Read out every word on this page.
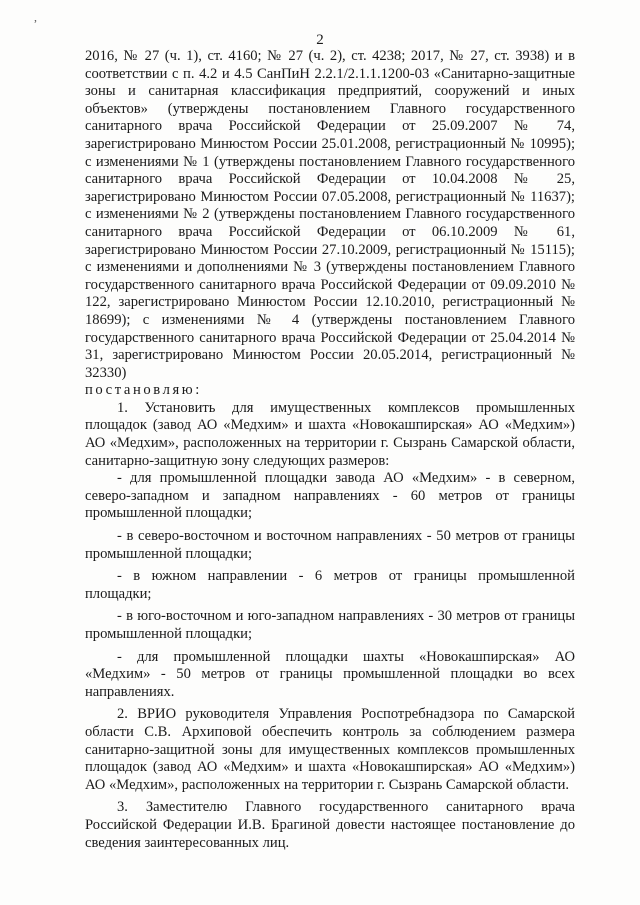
,
2

2016, № 27 (ч. 1), ст. 4160; № 27 (ч. 2), ст. 4238; 2017, № 27, ст. 3938) и в соответствии с п. 4.2 и 4.5 СанПиН 2.2.1/2.1.1.1200-03 «Санитарно-защитные зоны и санитарная классификация предприятий, сооружений и иных объектов» (утверждены постановлением Главного государственного санитарного врача Российской Федерации от 25.09.2007 № 74, зарегистрировано Минюстом России 25.01.2008, регистрационный № 10995); с изменениями № 1 (утверждены постановлением Главного государственного санитарного врача Российской Федерации от 10.04.2008 № 25, зарегистрировано Минюстом России 07.05.2008, регистрационный № 11637); с изменениями № 2 (утверждены постановлением Главного государственного санитарного врача Российской Федерации от 06.10.2009 № 61, зарегистрировано Минюстом России 27.10.2009, регистрационный № 15115); с изменениями и дополнениями № 3 (утверждены постановлением Главного государственного санитарного врача Российской Федерации от 09.09.2010 № 122, зарегистрировано Минюстом России 12.10.2010, регистрационный № 18699); с изменениями № 4 (утверждены постановлением Главного государственного санитарного врача Российской Федерации от 25.04.2014 № 31, зарегистрировано Минюстом России 20.05.2014, регистрационный № 32330)

постановляю:

1. Установить для имущественных комплексов промышленных площадок (завод АО «Медхим» и шахта «Новокашпирская» АО «Медхим») АО «Медхим», расположенных на территории г. Сызрань Самарской области, санитарно-защитную зону следующих размеров:

- для промышленной площадки завода АО «Медхим» - в северном, северо-западном и западном направлениях - 60 метров от границы промышленной площадки;

- в северо-восточном и восточном направлениях - 50 метров от границы промышленной площадки;

- в южном направлении - 6 метров от границы промышленной площадки;

- в юго-восточном и юго-западном направлениях - 30 метров от границы промышленной площадки;

- для промышленной площадки шахты «Новокашпирская» АО «Медхим» - 50 метров от границы промышленной площадки во всех направлениях.

2. ВРИО руководителя Управления Роспотребнадзора по Самарской области С.В. Архиповой обеспечить контроль за соблюдением размера санитарно-защитной зоны для имущественных комплексов промышленных площадок (завод АО «Медхим» и шахта «Новокашпирская» АО «Медхим») АО «Медхим», расположенных на территории г. Сызрань Самарской области.

3. Заместителю Главного государственного санитарного врача Российской Федерации И.В. Брагиной довести настоящее постановление до сведения заинтересованных лиц.
